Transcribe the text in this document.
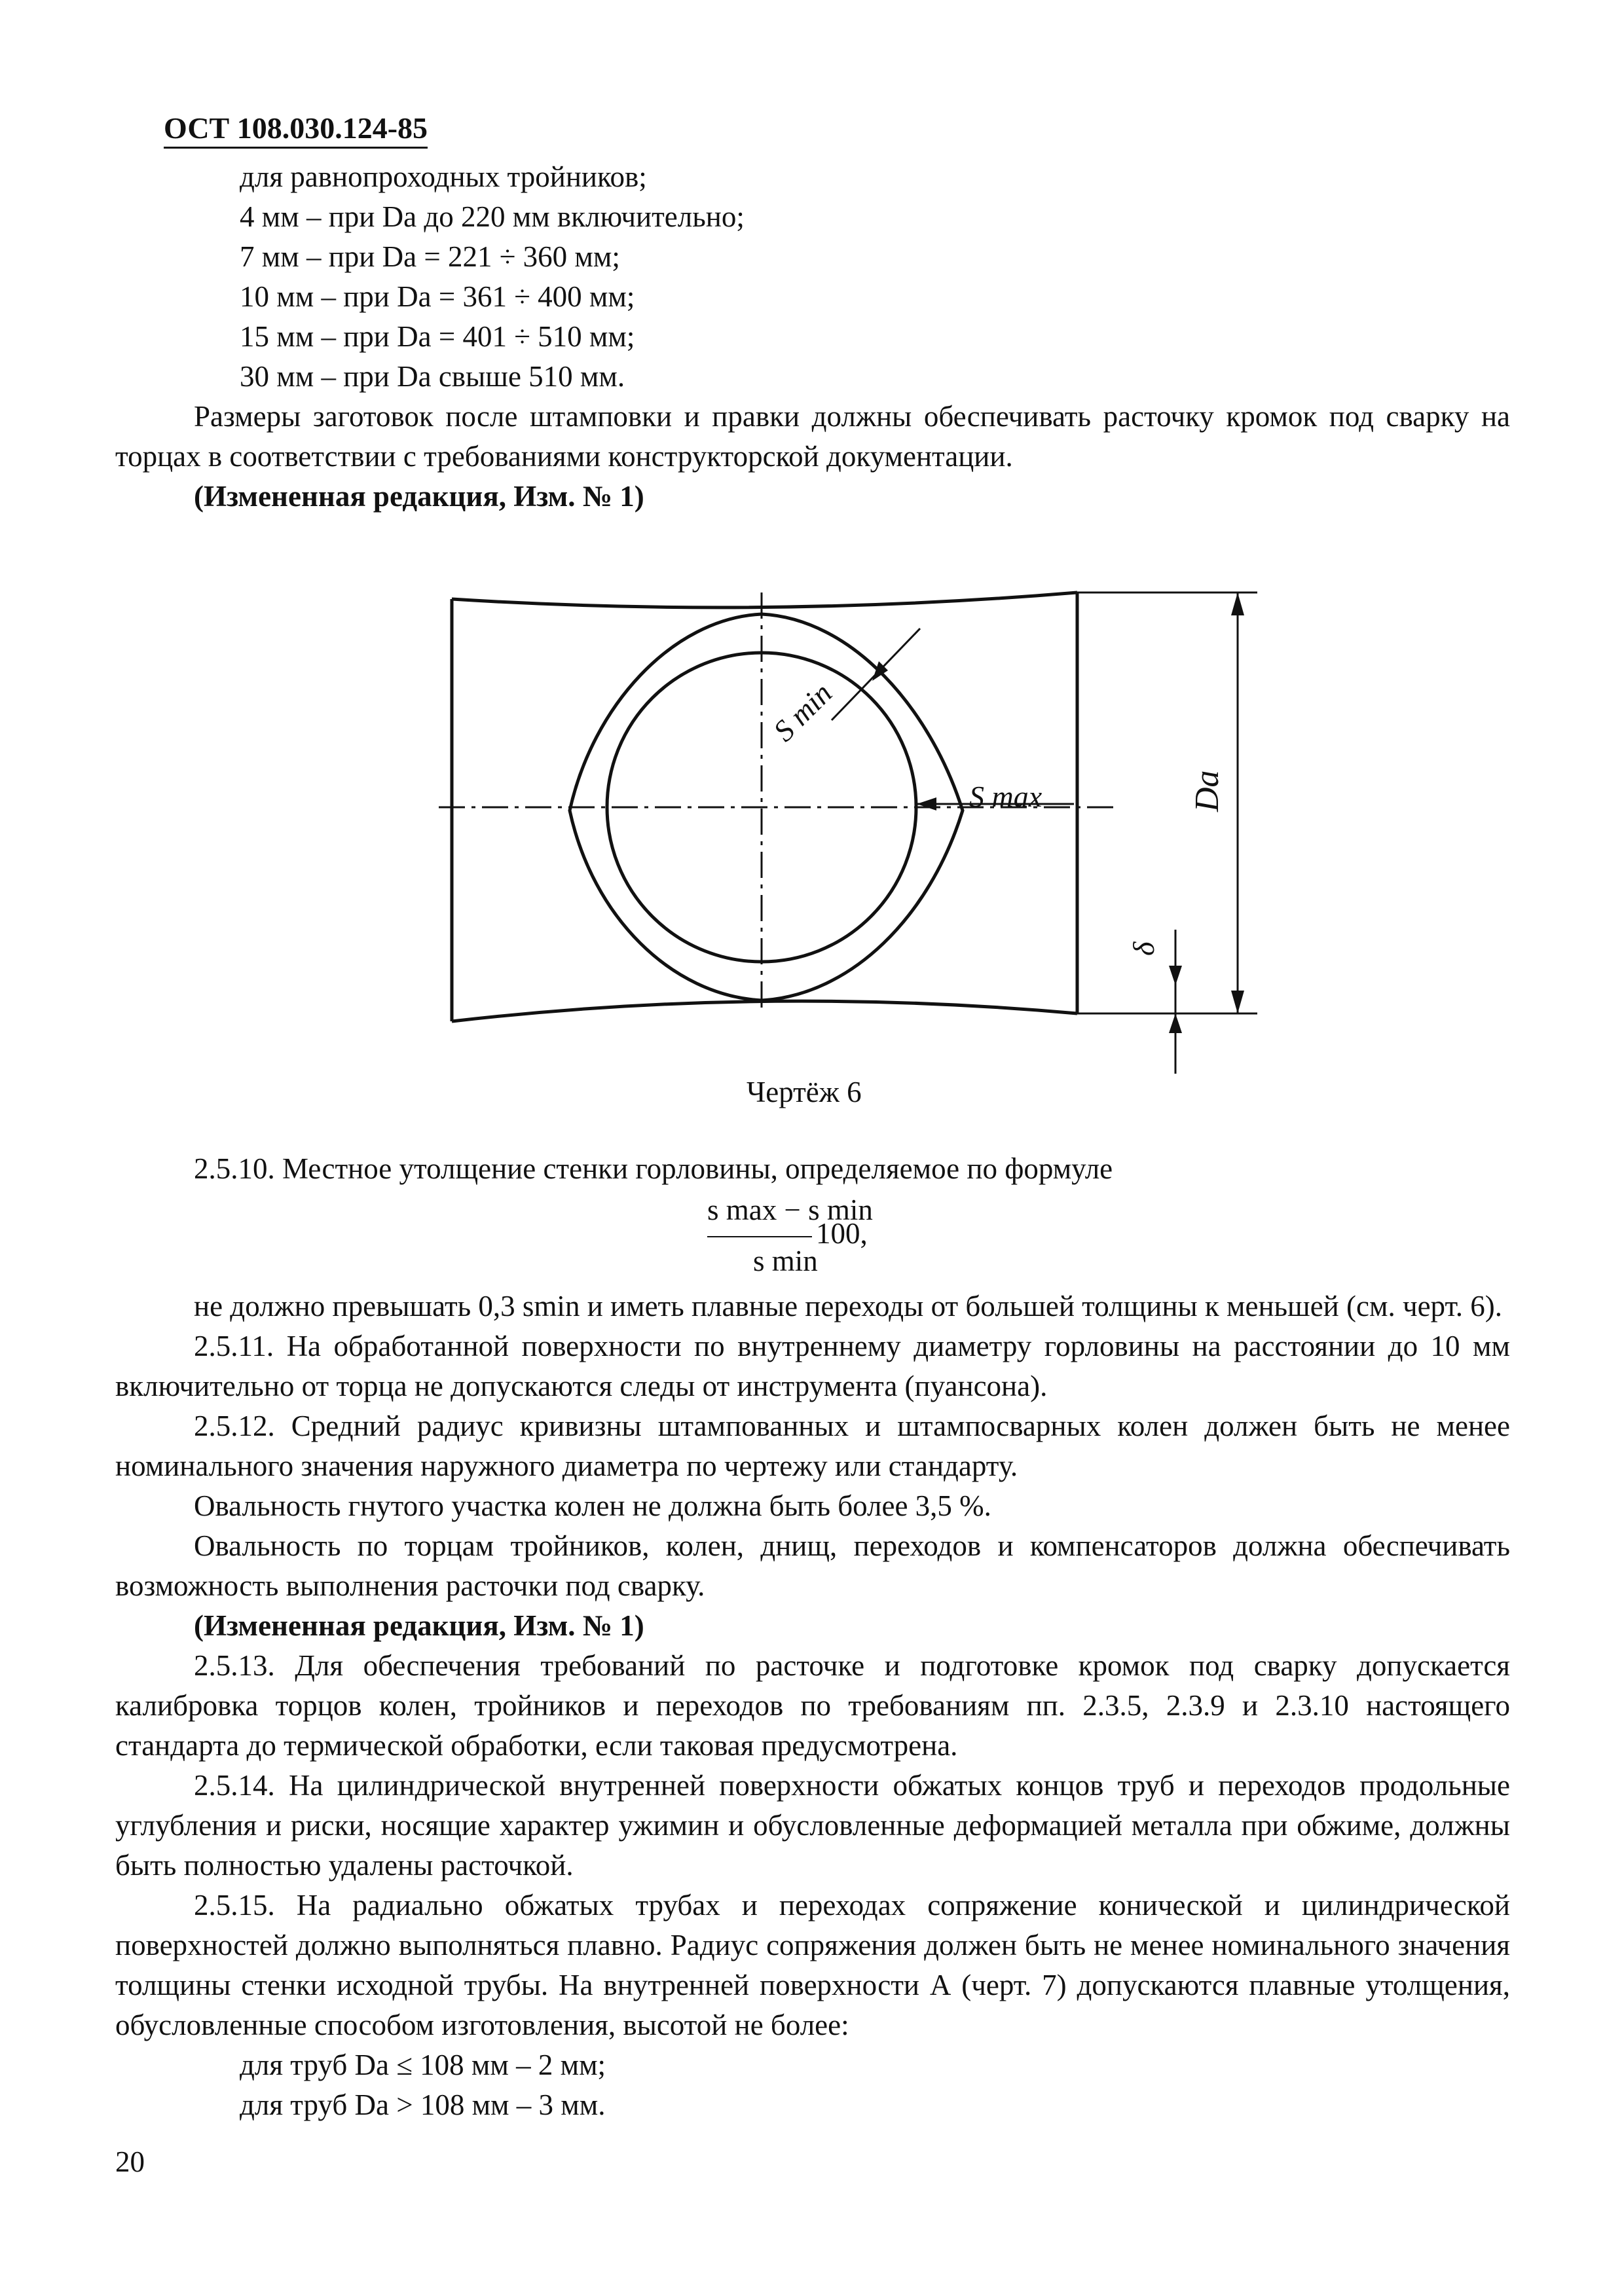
ОСТ 108.030.124-85

для равнопроходных тройников;

4 мм – при Da до 220 мм включительно;

7 мм – при Da = 221 ÷ 360 мм;

10 мм – при Da = 361 ÷ 400 мм;

15 мм – при Da = 401 ÷ 510 мм;

30 мм – при Da свыше 510 мм.

Размеры заготовок после штамповки и правки должны обеспечивать расточку кромок под сварку на торцах в соответствии с требованиями конструкторской документации.

(Измененная редакция, Изм. № 1)

S min
S max	Da
δ
Чертёж 6

2.5.10. Местное утолщение стенки горловины, определяемое по формуле

s max − s min
s min
100,

не должно превышать 0,3 smin и иметь плавные переходы от большей толщины к меньшей (см. черт. 6).

2.5.11. На обработанной поверхности по внутреннему диаметру горловины на расстоянии до 10 мм включительно от торца не допускаются следы от инструмента (пуансона).

2.5.12. Средний радиус кривизны штампованных и штампосварных колен должен быть не менее номинального значения наружного диаметра по чертежу или стандарту.

Овальность гнутого участка колен не должна быть более 3,5 %.

Овальность по торцам тройников, колен, днищ, переходов и компенсаторов должна обеспечивать возможность выполнения расточки под сварку.

(Измененная редакция, Изм. № 1)

2.5.13. Для обеспечения требований по расточке и подготовке кромок под сварку допускается калибровка торцов колен, тройников и переходов по требованиям пп. 2.3.5, 2.3.9 и 2.3.10 настоящего стандарта до термической обработки, если таковая предусмотрена.

2.5.14. На цилиндрической внутренней поверхности обжатых концов труб и переходов продольные углубления и риски, носящие характер ужимин и обусловленные деформацией металла при обжиме, должны быть полностью удалены расточкой.

2.5.15. На радиально обжатых трубах и переходах сопряжение конической и цилиндрической поверхностей должно выполняться плавно. Радиус сопряжения должен быть не менее номинального значения толщины стенки исходной трубы. На внутренней поверхности А (черт. 7) допускаются плавные утолщения, обусловленные способом изготовления, высотой не более:

для труб Da ≤ 108 мм – 2 мм;

для труб Da > 108 мм – 3 мм.

20
